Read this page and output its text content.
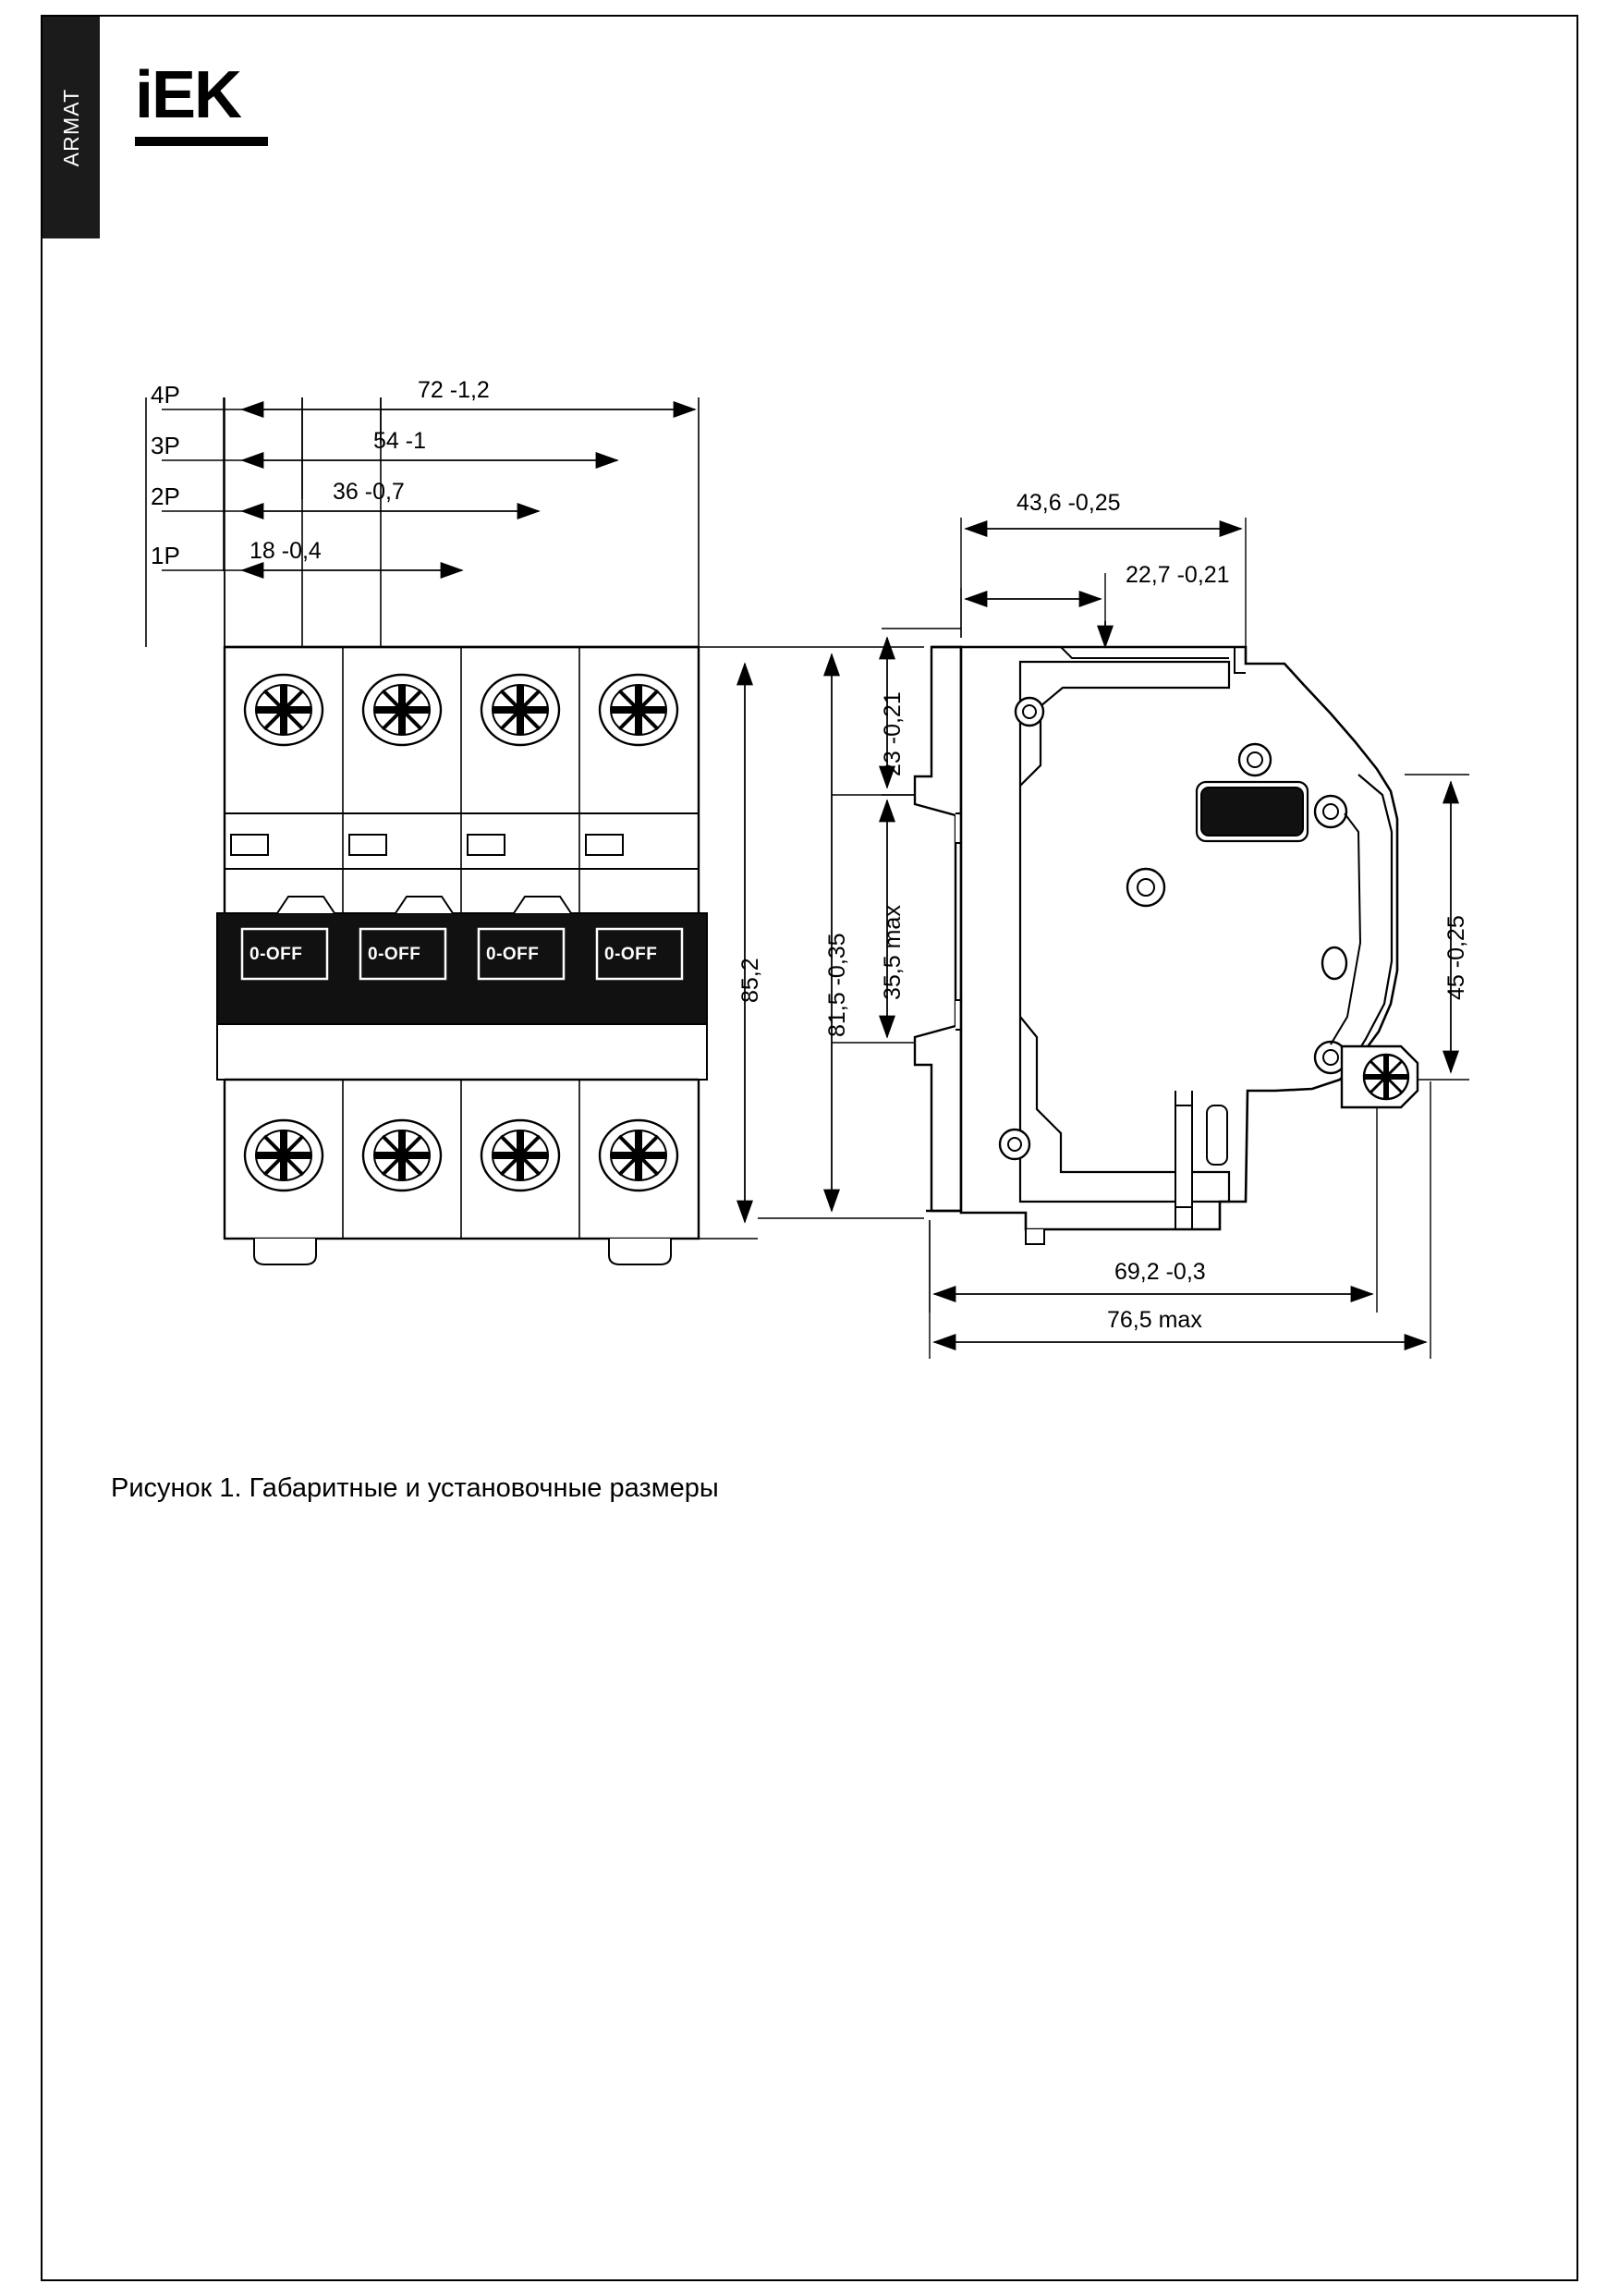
ARMAT iEK
4P
3P
2P
1P
72 -1,2
54 -1
36 -0,7
18 -0,4
0-OFF	0-OFF	0-OFF	0-OFF
85,2
43,6 -0,25
22,7 -0,21
23 -0,21
81,5 -0,35 35,5 max	45 -0,25
69,2 -0,3
76,5 max
Рисунок 1. Габаритные и установочные размеры
